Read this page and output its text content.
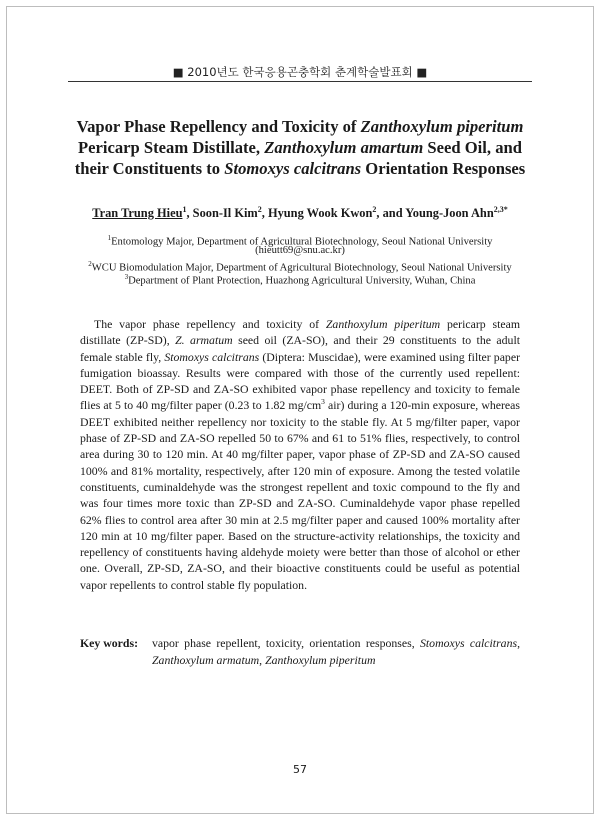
■ 2010년도 한국응용곤충학회 춘계학술발표회 ■
Vapor Phase Repellency and Toxicity of Zanthoxylum piperitum
Pericarp Steam Distillate, Zanthoxylum amartum Seed Oil, and
their Constituents to Stomoxys calcitrans Orientation Responses

Tran Trung Hieu$^1$, Soon-Il Kim$^2$, Hyung Wook Kwon$^2$, and Young-Joon Ahn$^{2,3*}$

$^1$Entomology Major, Department of Agricultural Biotechnology, Seoul National University

(hieutt69@snu.ac.kr)

$^2$WCU Biomodulation Major, Department of Agricultural Biotechnology, Seoul National University

$^3$Department of Plant Protection, Huazhong Agricultural University, Wuhan, China

The vapor phase repellency and toxicity of Zanthoxylum piperitum pericarp steam distillate (ZP-SD), Z. armatum seed oil (ZA-SO), and their 29 constituents to the adult female stable fly, Stomoxys calcitrans (Diptera: Muscidae), were examined using filter paper fumigation bioassay. Results were compared with those of the currently used repellent: DEET. Both of ZP-SD and ZA-SO exhibited vapor phase repellency and toxicity to female flies at 5 to 40 mg/filter paper (0.23 to 1.82 $mg/cm^3$ air) during a 120-min exposure, whereas DEET exhibited neither repellency nor toxicity to the stable fly. At 5 mg/filter paper, vapor phase of ZP-SD and ZA-SO repelled 50 to 67% and 61 to 51% flies, respectively, to control area during 30 to 120 min. At 40 mg/filter paper, vapor phase of ZP-SD and ZA-SO caused 100% and 81% mortality, respectively, after 120 min of exposure. Among the tested volatile constituents, cuminaldehyde was the strongest repellent and toxic compound to the fly and was four times more toxic than ZP-SD and ZA-SO. Cuminaldehyde vapor phase repelled 62% flies to control area after 30 min at 2.5 mg/filter paper and caused 100% mortality after 120 min at 10 mg/filter paper. Based on the structure-activity relationships, the toxicity and repellency of constituents having aldehyde moiety were better than those of alcohol or ether one. Overall, ZP-SD, ZA-SO, and their bioactive constituents could be useful as potential vapor repellents to control stable fly population.

Key words: vapor phase repellent, toxicity, orientation responses, Stomoxys calcitrans, Zanthoxylum armatum, Zanthoxylum piperitum

57
